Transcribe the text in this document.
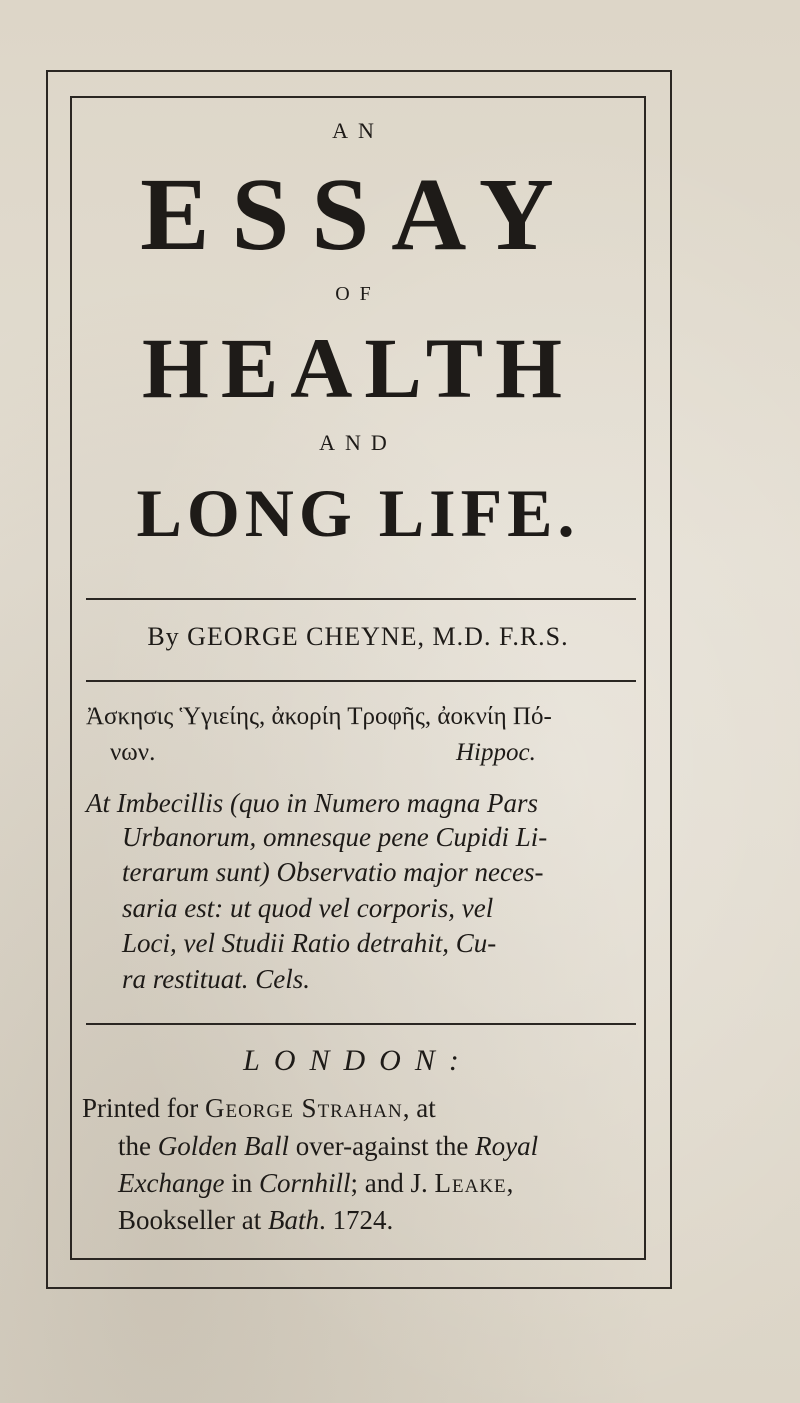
AN
ESSAY
OF
HEALTH
AND
LONG LIFE.
By GEORGE CHEYNE, M.D. F.R.S.
Ἀσκησις Ὑγιείης, ἀκορίη Τροφῆς, ἀοκνίη Πό-
νων.	Hippoc.
At Imbecillis (quo in Numero magna Pars
Urbanorum, omnesque pene Cupidi Li-
terarum sunt) Observatio major neces-
saria est: ut quod vel corporis, vel
Loci, vel Studii Ratio detrahit, Cu-
ra restituat. Cels.
LONDON:
Printed for George Strahan, at
the Golden Ball over-against the Royal
Exchange in Cornhill; and J. Leake,
Bookseller at Bath. 1724.
